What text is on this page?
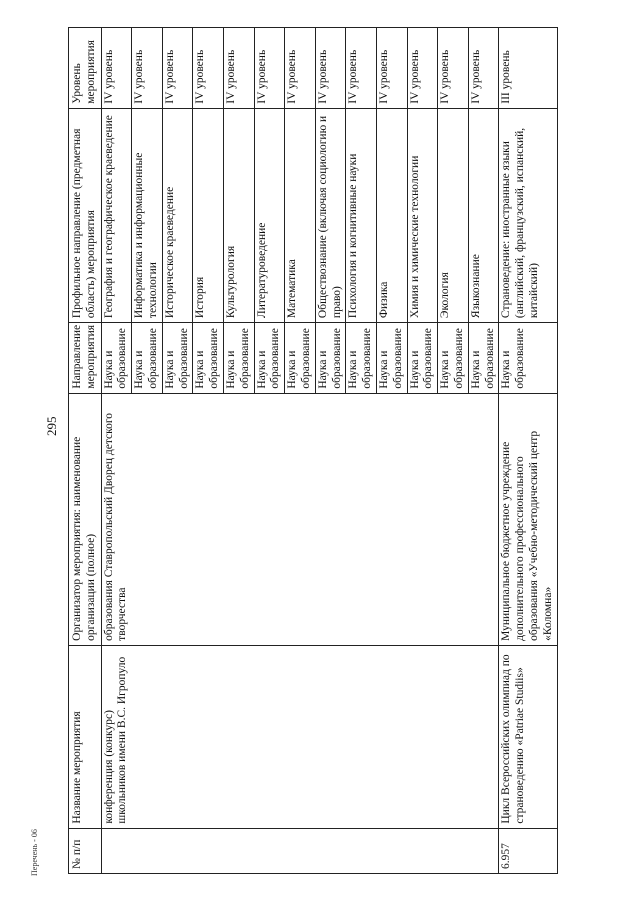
295
Перечень - 06	№ п/п	Название мероприятия	Организатор мероприятия: наименование организации (полное)	Направление мероприятия	Профильное направление (предметная область) мероприятия	Уровень мероприятия
	конференция (конкурс) школьников имени В.С. Игропуло	образования Ставропольский Дворец детского творчества	Наука и образование	География и географическое краеведение	IV уровень
			Наука и образование	Информатика и информационные технологии	IV уровень
			Наука и образование	Историческое краеведение	IV уровень
			Наука и образование	История	IV уровень
			Наука и образование	Культурология	IV уровень
			Наука и образование	Литературоведение	IV уровень
			Наука и образование	Математика	IV уровень
			Наука и образование	Обществознание (включая социологию и право)	IV уровень
			Наука и образование	Психология и когнитивные науки	IV уровень
			Наука и образование	Физика	IV уровень
			Наука и образование	Химия и химические технологии	IV уровень
			Наука и образование	Экология	IV уровень
			Наука и образование	Языкознание	IV уровень
6.957	Цикл Всероссийских олимпиад по страноведению «Patriae Studiis»	Муниципальное бюджетное учреждение дополнительного профессионального образования «Учебно-методический центр «Коломна»	Наука и образование	Страноведение: иностранные языки (английский, французский, испанский, китайский)	III уровень
